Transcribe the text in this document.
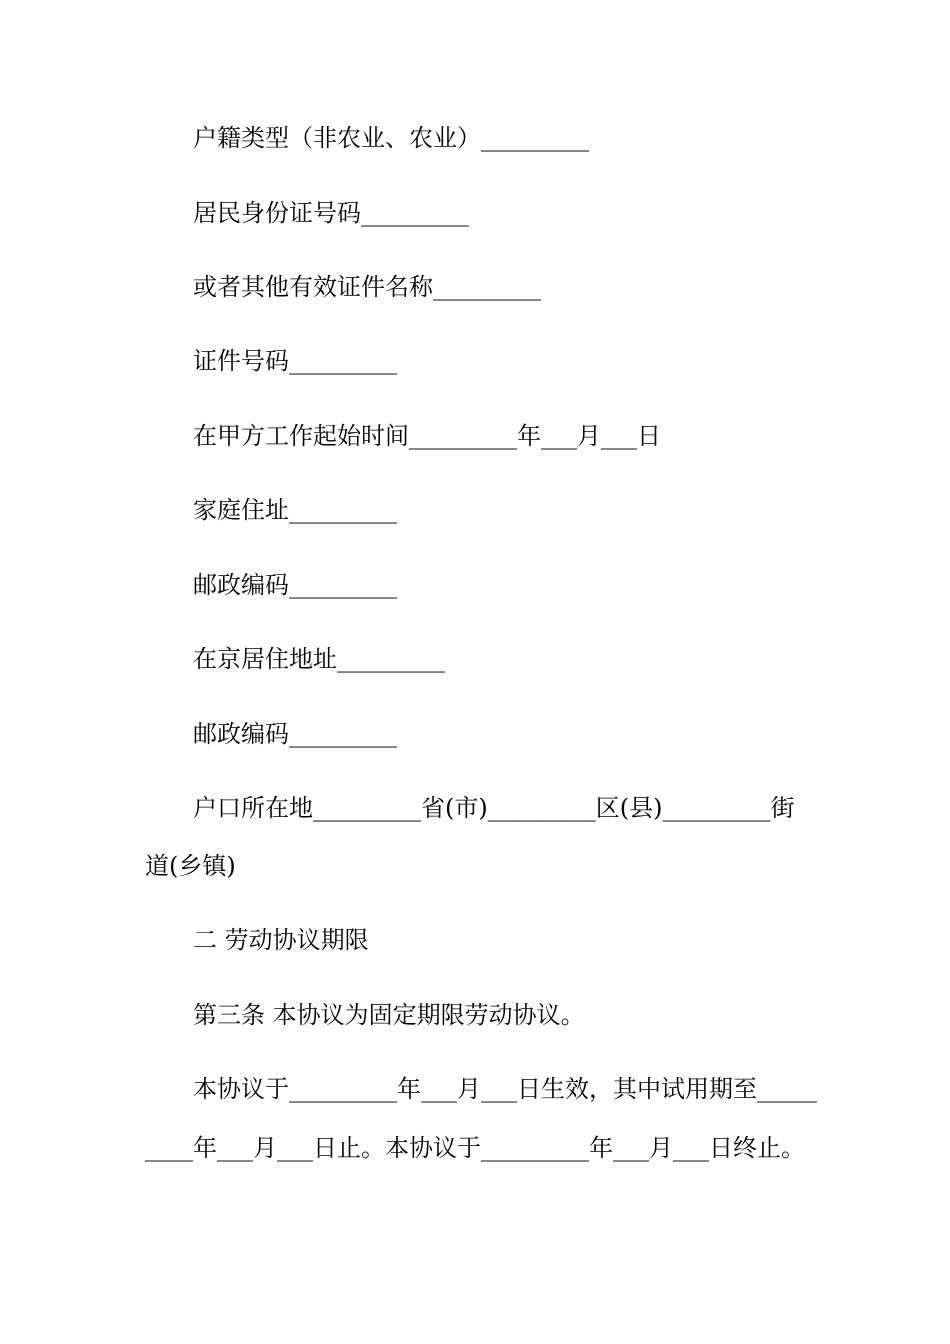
户籍类型（非农业、农业）_________
居民身份证号码_________
或者其他有效证件名称_________
证件号码_________
在甲方工作起始时间_________年___月___日
家庭住址_________
邮政编码_________
在京居住地址_________
邮政编码_________
户口所在地_________省(市)_________区(县)_________街
道(乡镇)
二 劳动协议期限
第三条 本协议为固定期限劳动协议。
本协议于_________年___月___日生效，其中试用期至_____
____年___月___日止。本协议于_________年___月___日终止。
